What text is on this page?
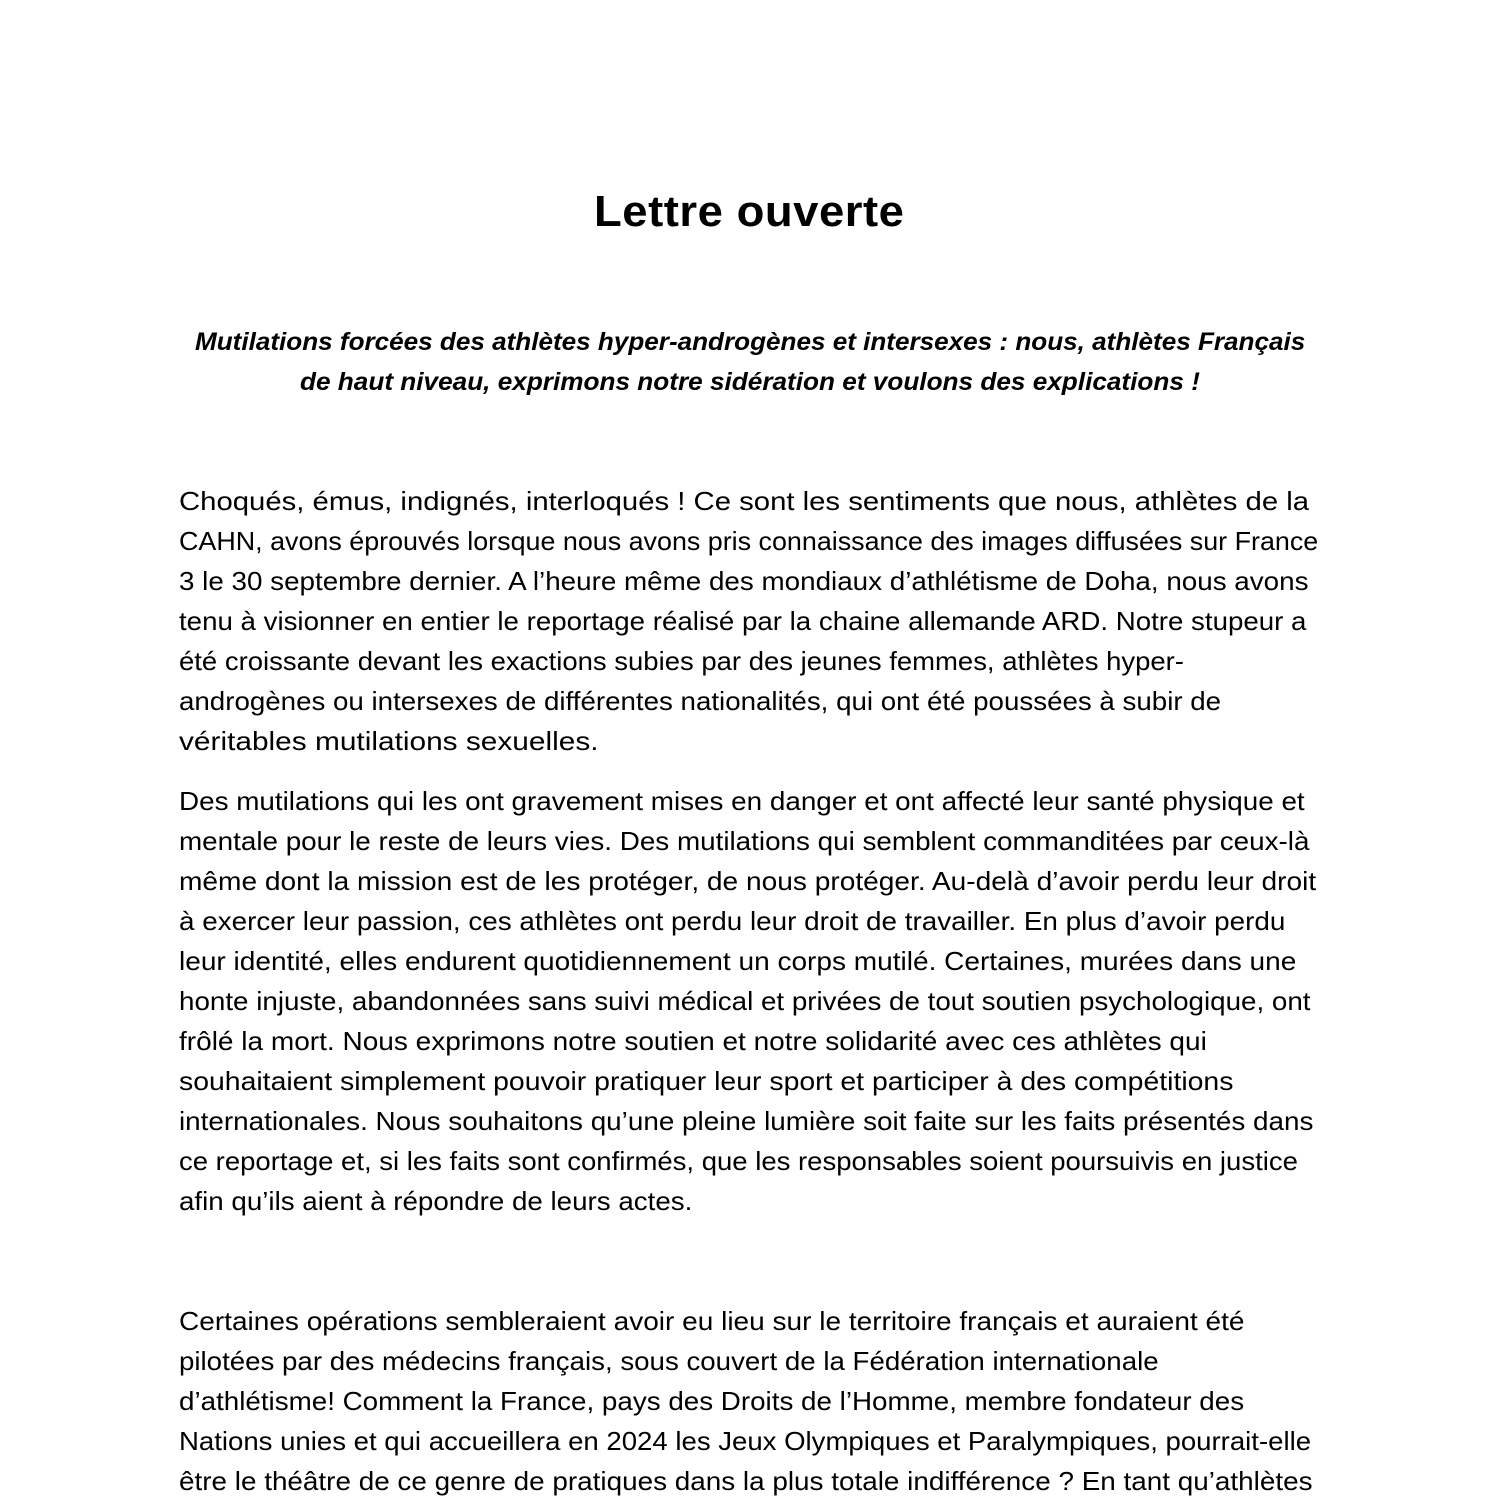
Lettre ouverte
Mutilations forcées des athlètes hyper-androgènes et intersexes : nous, athlètes Français
de haut niveau, exprimons notre sidération et voulons des explications !
Choqués, émus, indignés, interloqués ! Ce sont les sentiments que nous, athlètes de la
CAHN, avons éprouvés lorsque nous avons pris connaissance des images diffusées sur France
3 le 30 septembre dernier. A l’heure même des mondiaux d’athlétisme de Doha, nous avons
tenu à visionner en entier le reportage réalisé par la chaine allemande ARD. Notre stupeur a
été croissante devant les exactions subies par des jeunes femmes, athlètes hyper-
androgènes ou intersexes de différentes nationalités, qui ont été poussées à subir de
véritables mutilations sexuelles.
Des mutilations qui les ont gravement mises en danger et ont affecté leur santé physique et
mentale pour le reste de leurs vies. Des mutilations qui semblent commanditées par ceux-là
même dont la mission est de les protéger, de nous protéger. Au-delà d’avoir perdu leur droit
à exercer leur passion, ces athlètes ont perdu leur droit de travailler. En plus d’avoir perdu
leur identité, elles endurent quotidiennement un corps mutilé. Certaines, murées dans une
honte injuste, abandonnées sans suivi médical et privées de tout soutien psychologique, ont
frôlé la mort. Nous exprimons notre soutien et notre solidarité avec ces athlètes qui
souhaitaient simplement pouvoir pratiquer leur sport et participer à des compétitions
internationales. Nous souhaitons qu’une pleine lumière soit faite sur les faits présentés dans
ce reportage et, si les faits sont confirmés, que les responsables soient poursuivis en justice
afin qu’ils aient à répondre de leurs actes.
Certaines opérations sembleraient avoir eu lieu sur le territoire français et auraient été
pilotées par des médecins français, sous couvert de la Fédération internationale
d’athlétisme! Comment la France, pays des Droits de l’Homme, membre fondateur des
Nations unies et qui accueillera en 2024 les Jeux Olympiques et Paralympiques, pourrait-elle
être le théâtre de ce genre de pratiques dans la plus totale indifférence ? En tant qu’athlètes
